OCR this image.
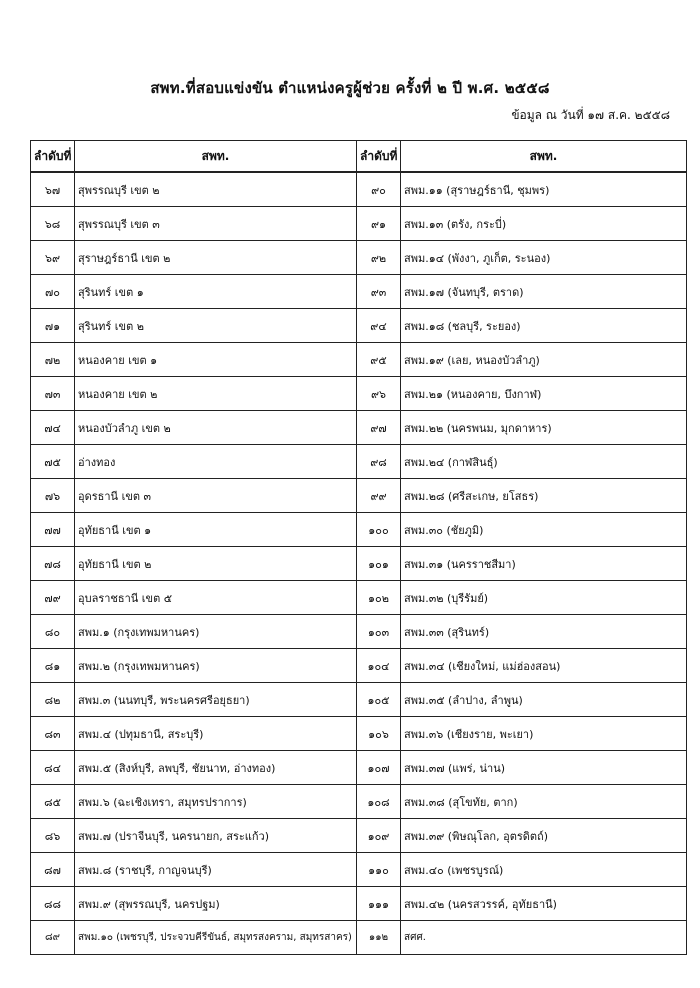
สพท.ที่สอบแข่งขัน ตำแหน่งครูผู้ช่วย ครั้งที่ ๒ ปี พ.ศ. ๒๕๕๘
ข้อมูล ณ วันที่ ๑๗ ส.ค. ๒๕๕๘
ลำดับที่	สพท.	ลำดับที่	สพท.
๖๗	สุพรรณบุรี เขต ๒	๙๐	สพม.๑๑ (สุราษฎร์ธานี, ชุมพร)
๖๘	สุพรรณบุรี เขต ๓	๙๑	สพม.๑๓ (ตรัง, กระบี่)
๖๙	สุราษฎร์ธานี เขต ๒	๙๒	สพม.๑๔ (พังงา, ภูเก็ต, ระนอง)
๗๐	สุรินทร์ เขต ๑	๙๓	สพม.๑๗ (จันทบุรี, ตราด)
๗๑	สุรินทร์ เขต ๒	๙๔	สพม.๑๘ (ชลบุรี, ระยอง)
๗๒	หนองคาย เขต ๑	๙๕	สพม.๑๙ (เลย, หนองบัวลำภู)
๗๓	หนองคาย เขต ๒	๙๖	สพม.๒๑ (หนองคาย, บึงกาฬ)
๗๔	หนองบัวลำภู เขต ๒	๙๗	สพม.๒๒ (นครพนม, มุกดาหาร)
๗๕	อ่างทอง	๙๘	สพม.๒๔ (กาฬสินธุ์)
๗๖	อุดรธานี เขต ๓	๙๙	สพม.๒๘ (ศรีสะเกษ, ยโสธร)
๗๗	อุทัยธานี เขต ๑	๑๐๐	สพม.๓๐ (ชัยภูมิ)
๗๘	อุทัยธานี เขต ๒	๑๐๑	สพม.๓๑ (นครราชสีมา)
๗๙	อุบลราชธานี เขต ๕	๑๐๒	สพม.๓๒ (บุรีรัมย์)
๘๐	สพม.๑ (กรุงเทพมหานคร)	๑๐๓	สพม.๓๓ (สุรินทร์)
๘๑	สพม.๒ (กรุงเทพมหานคร)	๑๐๔	สพม.๓๔ (เชียงใหม่, แม่ฮ่องสอน)
๘๒	สพม.๓ (นนทบุรี, พระนครศรีอยุธยา)	๑๐๕	สพม.๓๕ (ลำปาง, ลำพูน)
๘๓	สพม.๔ (ปทุมธานี, สระบุรี)	๑๐๖	สพม.๓๖ (เชียงราย, พะเยา)
๘๔	สพม.๕ (สิงห์บุรี, ลพบุรี, ชัยนาท, อ่างทอง)	๑๐๗	สพม.๓๗ (แพร่, น่าน)
๘๕	สพม.๖ (ฉะเชิงเทรา, สมุทรปราการ)	๑๐๘	สพม.๓๘ (สุโขทัย, ตาก)
๘๖	สพม.๗ (ปราจีนบุรี, นครนายก, สระแก้ว)	๑๐๙	สพม.๓๙ (พิษณุโลก, อุตรดิตถ์)
๘๗	สพม.๘ (ราชบุรี, กาญจนบุรี)	๑๑๐	สพม.๔๐ (เพชรบูรณ์)
๘๘	สพม.๙ (สุพรรณบุรี, นครปฐม)	๑๑๑	สพม.๔๒ (นครสวรรค์, อุทัยธานี)
๘๙	สพม.๑๐ (เพชรบุรี, ประจวบคีรีขันธ์, สมุทรสงคราม, สมุทรสาคร)	๑๑๒	สศศ.
